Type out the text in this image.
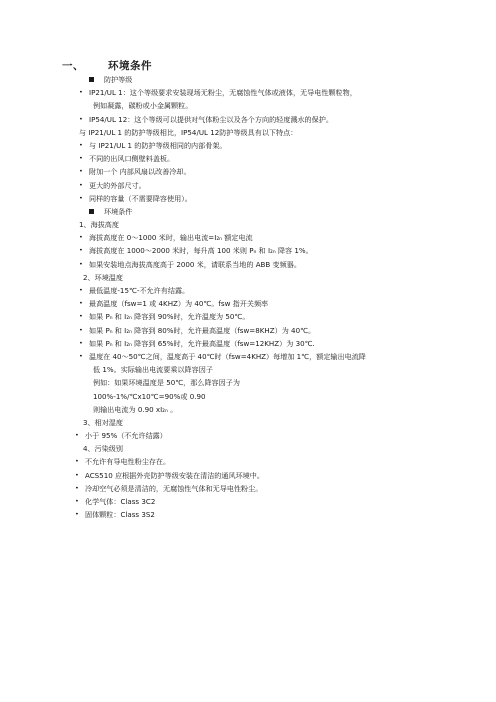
一、 环境条件
防护等级
• IP21/UL 1：这个等级要求安装现场无粉尘，无腐蚀性气体或液体，无导电性颗粒物，
例如凝露，碳粉或小金属颗粒。
• IP54/UL 12：这个等级可以提供对气体粉尘以及各个方向的轻度溅水的保护。
与 IP21/UL 1 的防护等级相比，IP54/UL 12防护等级具有以下特点：
• 与 IP21/UL 1 的防护等级相同的内部骨架。
• 不同的出风口侧壁料盖板。
• 附加一个 内部风扇以改善冷却。
• 更大的外部尺寸。
• 同样的容量（不需要降容使用）。
环境条件
1、海拔高度
• 海拔高度在 0～1000 米时，输出电流=I₂ₙ 额定电流
• 海拔高度在 1000～2000 米时，每升高 100 米则 Pₙ 和 I₂ₙ 降容 1%。
• 如果安装地点海拔高度高于 2000 米，请联系当地的 ABB 变频器。
2、环境温度
• 最低温度-15℃-不允许有结露。
• 最高温度（fsw=1 或 4KHZ）为 40℃。fsw 指开关频率
• 如果 Pₙ 和 I₂ₙ 降容到 90%时，允许温度为 50℃。
• 如果 Pₙ 和 I₂ₙ 降容到 80%时，允许最高温度（fsw=8KHZ）为 40℃。
• 如果 Pₙ 和 I₂ₙ 降容到 65%时，允许最高温度（fsw=12KHZ）为 30℃.
• 温度在 40～50℃之间，温度高于 40℃时（fsw=4KHZ）每增加 1℃，额定输出电流降
低 1%。实际输出电流要乘以降容因子
例如：如果环境温度是 50℃，那么降容因子为
100%-1%/℃x10℃=90%或 0.90
则输出电流为 0.90 xI₂ₙ 。
3、相对湿度
• 小于 95%（不允许结露）
4、污染级别
• 不允许有导电性粉尘存在。
• ACS510 应根据外壳防护等级安装在清洁的通风环境中。
• 冷却空气必须是清洁的，无腐蚀性气体和无导电性粉尘。
• 化学气体：Class 3C2
• 固体颗粒：Class 3S2
